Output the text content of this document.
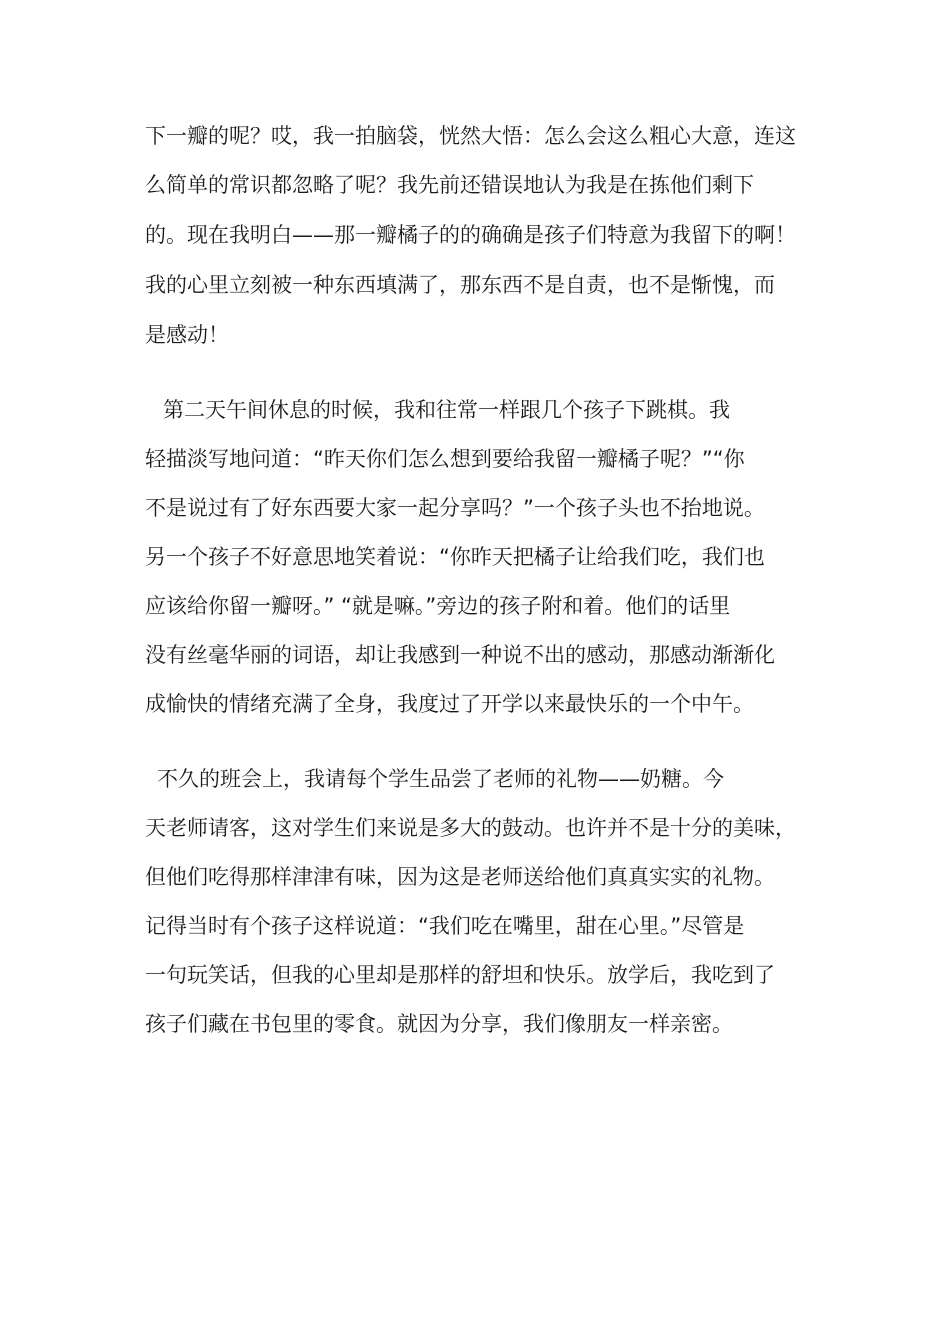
下一瓣的呢？哎，我一拍脑袋，恍然大悟：怎么会这么粗心大意，连这

么简单的常识都忽略了呢？我先前还错误地认为我是在拣他们剩下

的。现在我明白——那一瓣橘子的的确确是孩子们特意为我留下的啊！

我的心里立刻被一种东西填满了，那东西不是自责，也不是惭愧，而

是感动！

第二天午间休息的时候，我和往常一样跟几个孩子下跳棋。我

轻描淡写地问道：“昨天你们怎么想到要给我留一瓣橘子呢？”“你

不是说过有了好东西要大家一起分享吗？”一个孩子头也不抬地说。

另一个孩子不好意思地笑着说：“你昨天把橘子让给我们吃，我们也

应该给你留一瓣呀。” “就是嘛。”旁边的孩子附和着。他们的话里

没有丝毫华丽的词语，却让我感到一种说不出的感动，那感动渐渐化

成愉快的情绪充满了全身，我度过了开学以来最快乐的一个中午。

不久的班会上，我请每个学生品尝了老师的礼物——奶糖。今

天老师请客，这对学生们来说是多大的鼓动。也许并不是十分的美味，

但他们吃得那样津津有味，因为这是老师送给他们真真实实的礼物。

记得当时有个孩子这样说道：“我们吃在嘴里，甜在心里。”尽管是

一句玩笑话，但我的心里却是那样的舒坦和快乐。放学后，我吃到了

孩子们藏在书包里的零食。就因为分享，我们像朋友一样亲密。
